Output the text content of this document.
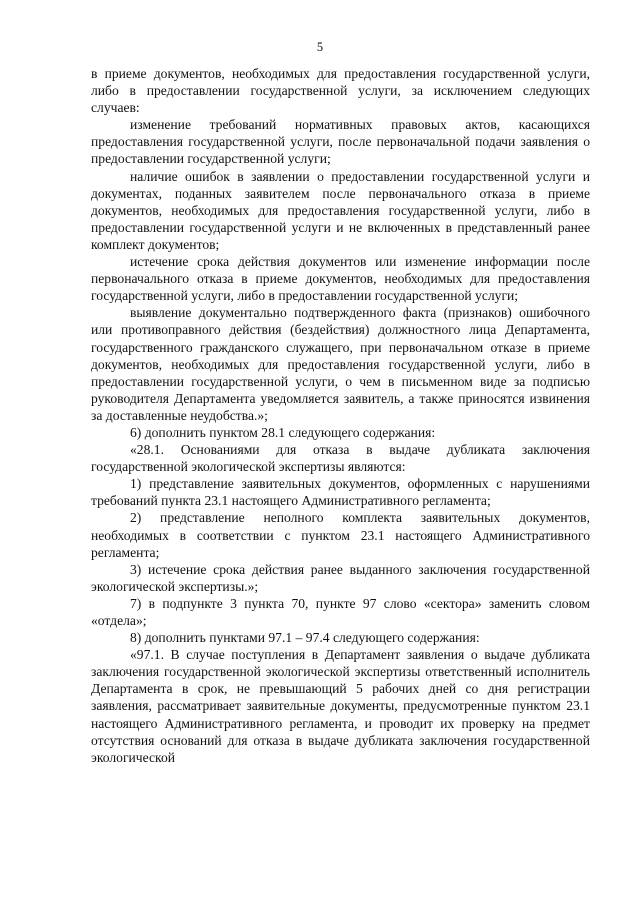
5

в приеме документов, необходимых для предоставления государственной услуги, либо в предоставлении государственной услуги, за исключением следующих случаев:

изменение требований нормативных правовых актов, касающихся предоставления государственной услуги, после первоначальной подачи заявления о предоставлении государственной услуги;

наличие ошибок в заявлении о предоставлении государственной услуги и документах, поданных заявителем после первоначального отказа в приеме документов, необходимых для предоставления государственной услуги, либо в предоставлении государственной услуги и не включенных в представленный ранее комплект документов;

истечение срока действия документов или изменение информации после первоначального отказа в приеме документов, необходимых для предоставления государственной услуги, либо в предоставлении государственной услуги;

выявление документально подтвержденного факта (признаков) ошибочного или противоправного действия (бездействия) должностного лица Департамента, государственного гражданского служащего, при первоначальном отказе в приеме документов, необходимых для предоставления государственной услуги, либо в предоставлении государственной услуги, о чем в письменном виде за подписью руководителя Департамента уведомляется заявитель, а также приносятся извинения за доставленные неудобства.»;

6) дополнить пунктом 28.1 следующего содержания:

«28.1. Основаниями для отказа в выдаче дубликата заключения государственной экологической экспертизы являются:

1) представление заявительных документов, оформленных с нарушениями требований пункта 23.1 настоящего Административного регламента;

2) представление неполного комплекта заявительных документов, необходимых в соответствии с пунктом 23.1 настоящего Административного регламента;

3) истечение срока действия ранее выданного заключения государственной экологической экспертизы.»;

7) в подпункте 3 пункта 70, пункте 97 слово «сектора» заменить словом «отдела»;

8) дополнить пунктами 97.1 – 97.4 следующего содержания:

«97.1. В случае поступления в Департамент заявления о выдаче дубликата заключения государственной экологической экспертизы ответственный исполнитель Департамента в срок, не превышающий 5 рабочих дней со дня регистрации заявления, рассматривает заявительные документы, предусмотренные пунктом 23.1 настоящего Административного регламента, и проводит их проверку на предмет отсутствия оснований для отказа в выдаче дубликата заключения государственной экологической
